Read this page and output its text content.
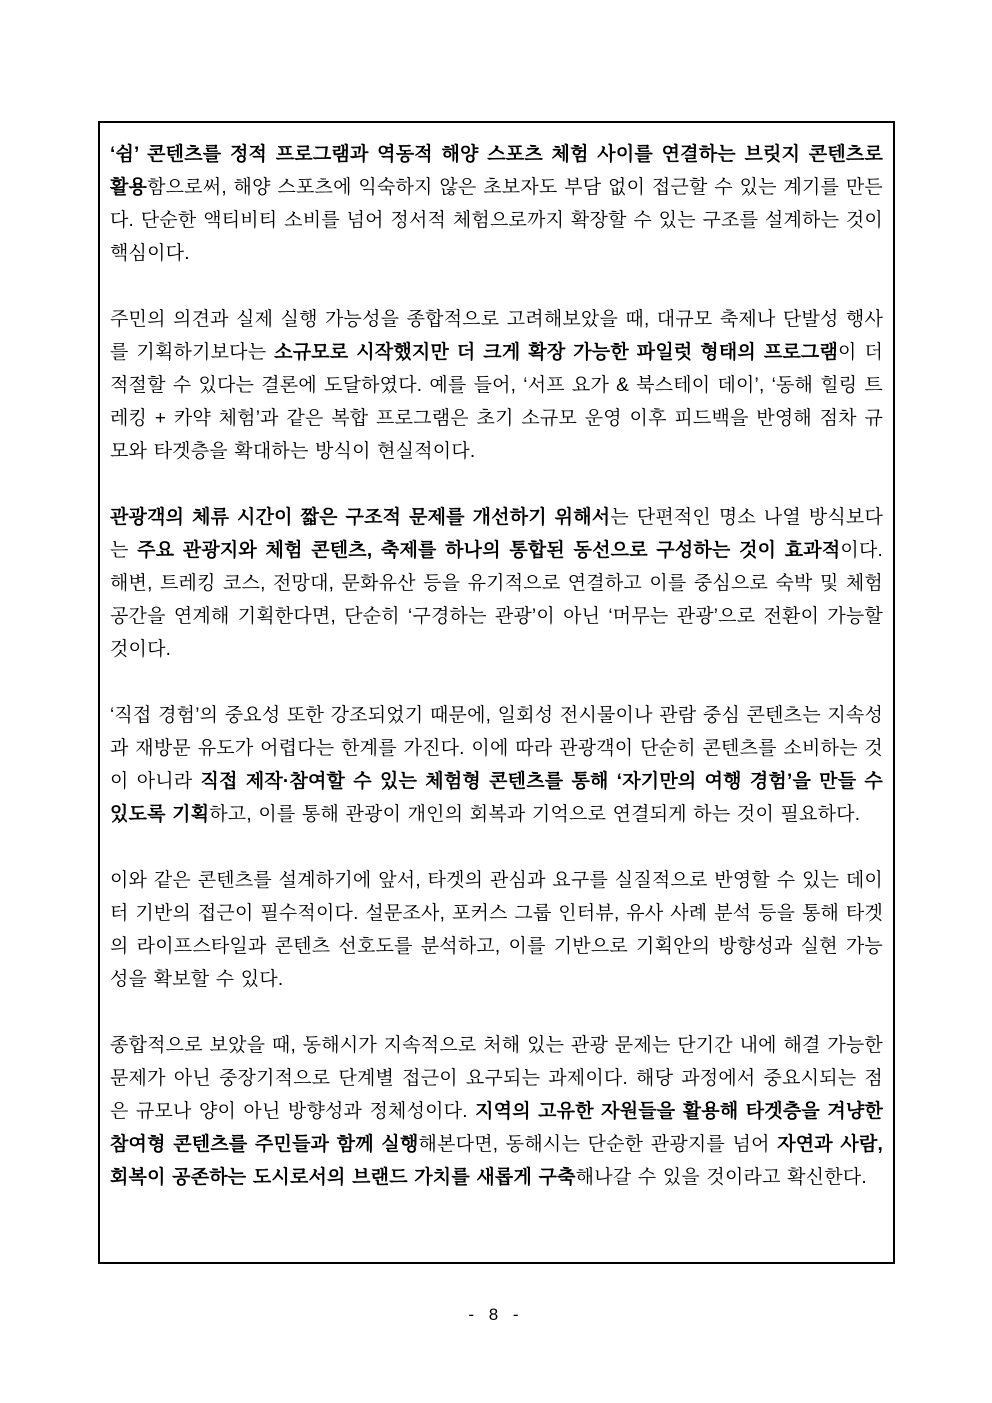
‘쉼’ 콘텐츠를 정적 프로그램과 역동적 해양 스포츠 체험 사이를 연결하는 브릿지 콘텐츠로 활용함으로써, 해양 스포츠에 익숙하지 않은 초보자도 부담 없이 접근할 수 있는 계기를 만든다. 단순한 액티비티 소비를 넘어 정서적 체험으로까지 확장할 수 있는 구조를 설계하는 것이 핵심이다.

주민의 의견과 실제 실행 가능성을 종합적으로 고려해보았을 때, 대규모 축제나 단발성 행사를 기획하기보다는 소규모로 시작했지만 더 크게 확장 가능한 파일럿 형태의 프로그램이 더 적절할 수 있다는 결론에 도달하였다. 예를 들어, ‘서프 요가 & 북스테이 데이’, ‘동해 힐링 트레킹 + 카약 체험’과 같은 복합 프로그램은 초기 소규모 운영 이후 피드백을 반영해 점차 규모와 타겟층을 확대하는 방식이 현실적이다.

관광객의 체류 시간이 짧은 구조적 문제를 개선하기 위해서는 단편적인 명소 나열 방식보다는 주요 관광지와 체험 콘텐츠, 축제를 하나의 통합된 동선으로 구성하는 것이 효과적이다. 해변, 트레킹 코스, 전망대, 문화유산 등을 유기적으로 연결하고 이를 중심으로 숙박 및 체험 공간을 연계해 기획한다면, 단순히 ‘구경하는 관광’이 아닌 ‘머무는 관광’으로 전환이 가능할 것이다.

‘직접 경험’의 중요성 또한 강조되었기 때문에, 일회성 전시물이나 관람 중심 콘텐츠는 지속성과 재방문 유도가 어렵다는 한계를 가진다. 이에 따라 관광객이 단순히 콘텐츠를 소비하는 것이 아니라 직접 제작·참여할 수 있는 체험형 콘텐츠를 통해 ‘자기만의 여행 경험’을 만들 수 있도록 기획하고, 이를 통해 관광이 개인의 회복과 기억으로 연결되게 하는 것이 필요하다.

이와 같은 콘텐츠를 설계하기에 앞서, 타겟의 관심과 요구를 실질적으로 반영할 수 있는 데이터 기반의 접근이 필수적이다. 설문조사, 포커스 그룹 인터뷰, 유사 사례 분석 등을 통해 타겟의 라이프스타일과 콘텐츠 선호도를 분석하고, 이를 기반으로 기획안의 방향성과 실현 가능성을 확보할 수 있다.

종합적으로 보았을 때, 동해시가 지속적으로 처해 있는 관광 문제는 단기간 내에 해결 가능한 문제가 아닌 중장기적으로 단계별 접근이 요구되는 과제이다. 해당 과정에서 중요시되는 점은 규모나 양이 아닌 방향성과 정체성이다. 지역의 고유한 자원들을 활용해 타겟층을 겨냥한 참여형 콘텐츠를 주민들과 함께 실행해본다면, 동해시는 단순한 관광지를 넘어 자연과 사람, 회복이 공존하는 도시로서의 브랜드 가치를 새롭게 구축해나갈 수 있을 것이라고 확신한다.

- 8 -
